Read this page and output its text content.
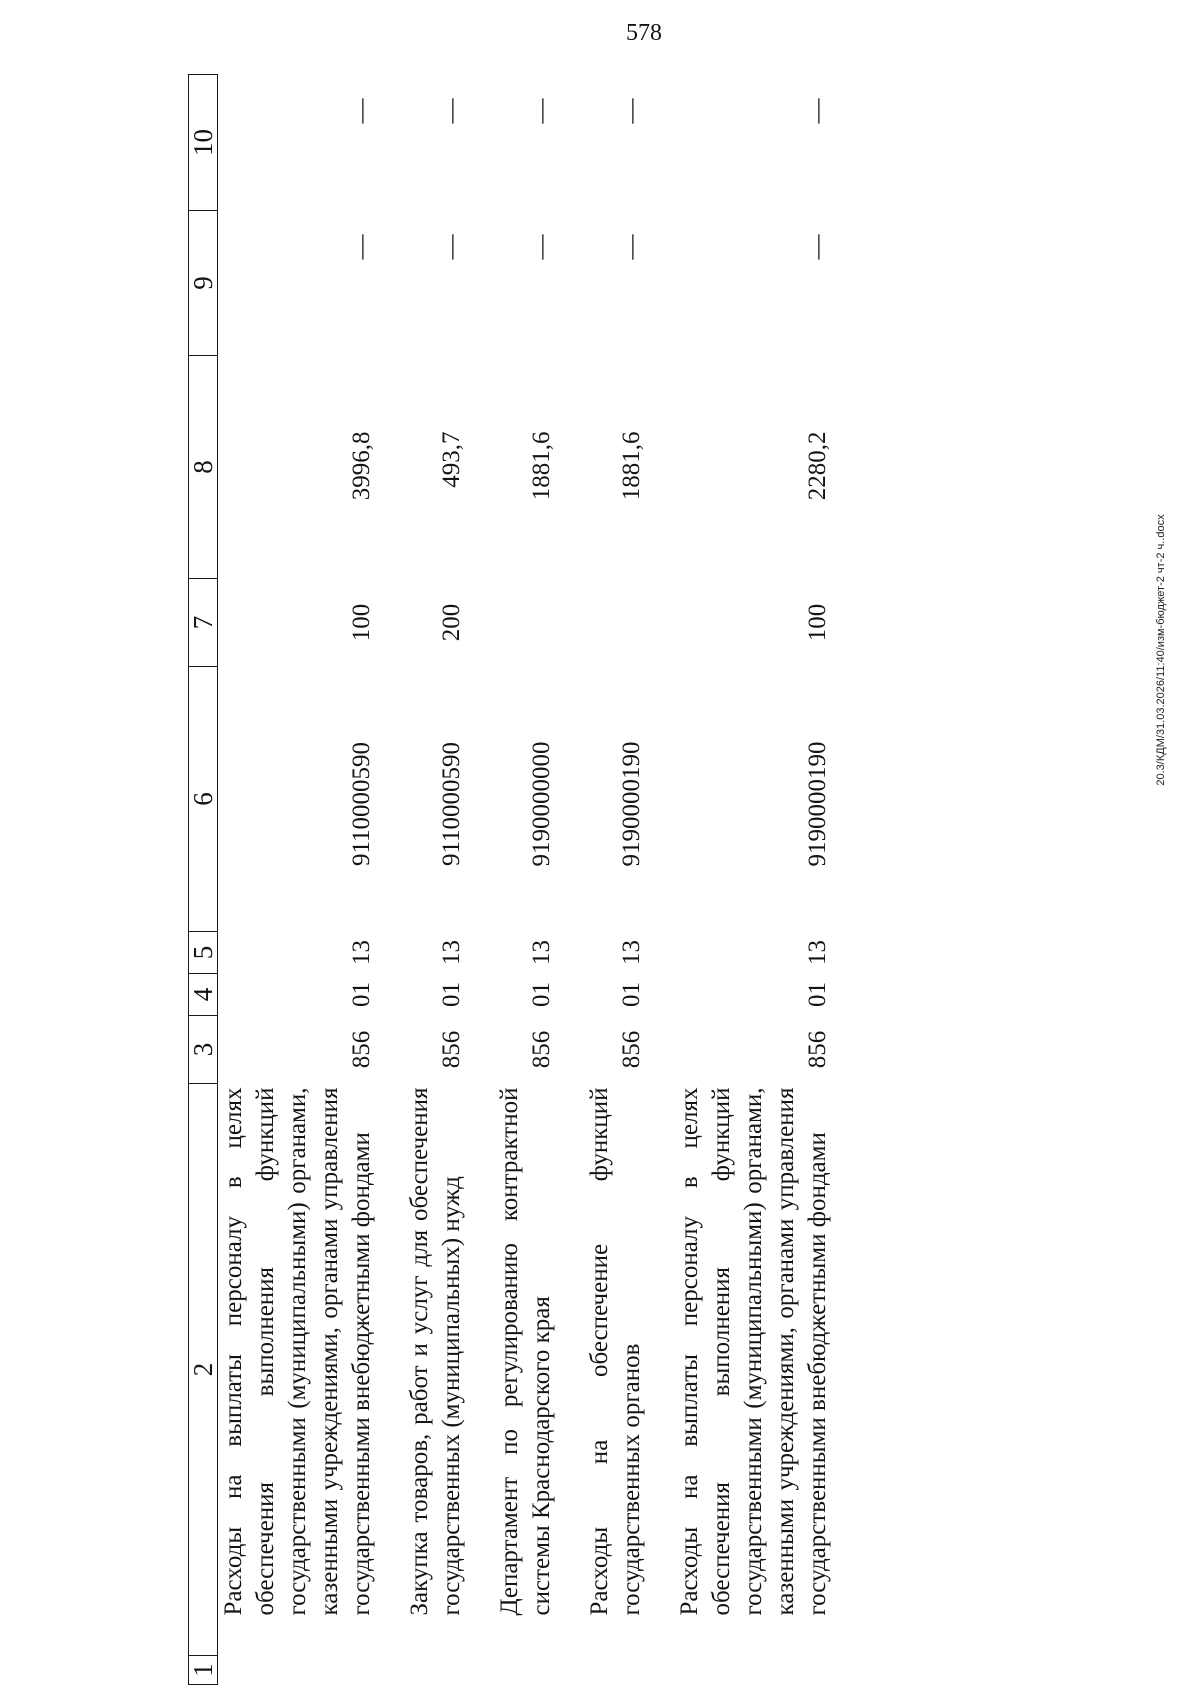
578
20.3/КДМ/31.03.2026/11:40/изм-бюджет-2 чт-2 ч..docx
1	2	3	4	5	6	7	8	9	10
	Расходы на выплаты персоналу в целях обеспечения выполнения функций государственными (муниципальными) органами, казенными учреждениями, органами управления государственными внебюджетными фондами	856	01	13	9110000590	100	3996,8	—	—

	Закупка товаров, работ и услуг для обеспечения государственных (муниципальных) нужд	856	01	13	9110000590	200	493,7	—	—

	Департамент по регулированию контрактной системы Краснодарского края	856	01	13	9190000000		1881,6	—	—

	Расходы на обеспечение функций государственных органов	856	01	13	9190000190		1881,6	—	—

	Расходы на выплаты персоналу в целях обеспечения выполнения функций государственными (муниципальными) органами, казенными учреждениями, органами управления государственными внебюджетными фондами	856	01	13	9190000190	100	2280,2	—	—
